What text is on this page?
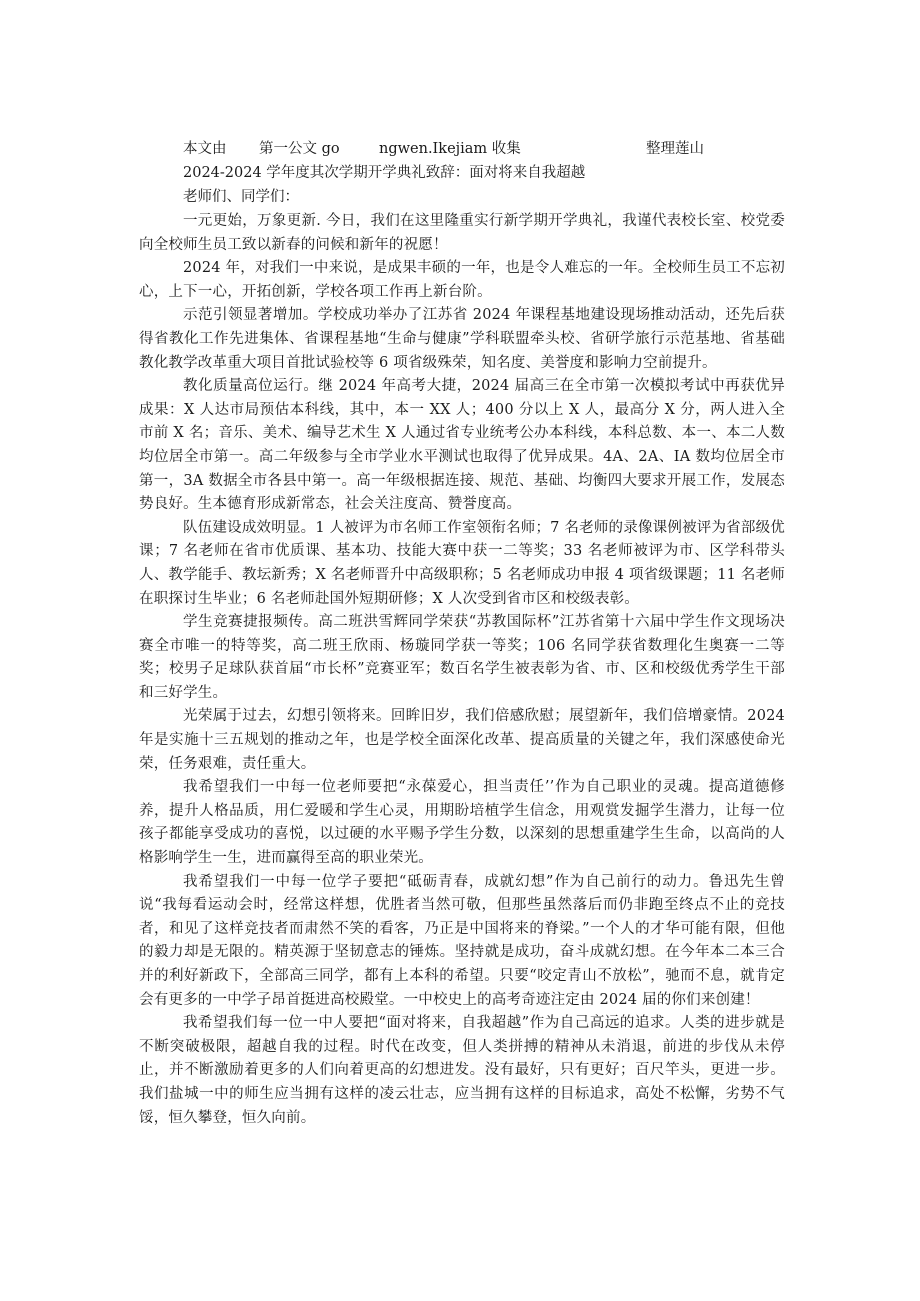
本文由 第一公文 go	ngwen.Ikejiam 收集	整理莲山
2024-2024 学年度其次学期开学典礼致辞：面对将来自我超越
老师们、同学们：

一元更始，万象更新. 今日，我们在这里隆重实行新学期开学典礼，我谨代表校长室、校党委向全校师生员工致以新春的问候和新年的祝愿！

2024 年，对我们一中来说，是成果丰硕的一年，也是令人难忘的一年。全校师生员工不忘初心，上下一心，开拓创新，学校各项工作再上新台阶。

示范引领显著增加。学校成功举办了江苏省 2024 年课程基地建设现场推动活动，还先后获得省教化工作先进集体、省课程基地“生命与健康”学科联盟牵头校、省研学旅行示范基地、省基础教化教学改革重大项目首批试验校等 6 项省级殊荣，知名度、美誉度和影响力空前提升。

教化质量高位运行。继 2024 年高考大捷，2024 届高三在全市第一次模拟考试中再获优异成果：X 人达市局预估本科线，其中，本一 XX 人；400 分以上 X 人，最高分 X 分，两人进入全市前 X 名；音乐、美术、编导艺术生 X 人通过省专业统考公办本科线，本科总数、本一、本二人数均位居全市第一。高二年级参与全市学业水平测试也取得了优异成果。4A、2A、IA 数均位居全市第一，3A 数据全市各县中第一。高一年级根据连接、规范、基础、均衡四大要求开展工作，发展态势良好。生本德育形成新常态，社会关注度高、赞誉度高。

队伍建设成效明显。1 人被评为市名师工作室领衔名师；7 名老师的录像课例被评为省部级优课；7 名老师在省市优质课、基本功、技能大赛中获一二等奖；33 名老师被评为市、区学科带头人、教学能手、教坛新秀；X 名老师晋升中高级职称；5 名老师成功申报 4 项省级课题；11 名老师在职探讨生毕业；6 名老师赴国外短期研修；X 人次受到省市区和校级表彰。

学生竞赛捷报频传。高二班洪雪辉同学荣获“苏教国际杯”江苏省第十六届中学生作文现场决赛全市唯一的特等奖，高二班王欣雨、杨璇同学获一等奖；106 名同学获省数理化生奥赛一二等奖；校男子足球队获首届“市长杯”竞赛亚军；数百名学生被表彰为省、市、区和校级优秀学生干部和三好学生。

光荣属于过去，幻想引领将来。回眸旧岁，我们倍感欣慰；展望新年，我们倍增豪情。2024 年是实施十三五规划的推动之年，也是学校全面深化改革、提高质量的关键之年，我们深感使命光荣，任务艰难，责任重大。

我希望我们一中每一位老师要把“永葆爱心，担当责任’’作为自己职业的灵魂。提高道德修养，提升人格品质，用仁爱暖和学生心灵，用期盼培植学生信念，用观赏发掘学生潜力，让每一位孩子都能享受成功的喜悦，以过硬的水平赐予学生分数，以深刻的思想重建学生生命，以高尚的人格影响学生一生，进而赢得至高的职业荣光。

我希望我们一中每一位学子要把“砥砺青春，成就幻想”作为自己前行的动力。鲁迅先生曾说“我每看运动会时，经常这样想，优胜者当然可敬，但那些虽然落后而仍非跑至终点不止的竞技者，和见了这样竞技者而肃然不笑的看客，乃正是中国将来的脊梁。”一个人的才华可能有限，但他的毅力却是无限的。精英源于坚韧意志的锤炼。坚持就是成功，奋斗成就幻想。在今年本二本三合并的利好新政下，全部高三同学，都有上本科的希望。只要“咬定青山不放松”，驰而不息，就肯定会有更多的一中学子昂首挺进高校殿堂。一中校史上的高考奇迹注定由 2024 届的你们来创建！

我希望我们每一位一中人要把“面对将来，自我超越”作为自己高远的追求。人类的进步就是不断突破极限，超越自我的过程。时代在改变，但人类拼搏的精神从未消退，前进的步伐从未停止，并不断激励着更多的人们向着更高的幻想进发。没有最好，只有更好；百尺竿头，更进一步。我们盐城一中的师生应当拥有这样的凌云壮志，应当拥有这样的目标追求，高处不松懈，劣势不气馁，恒久攀登，恒久向前。
